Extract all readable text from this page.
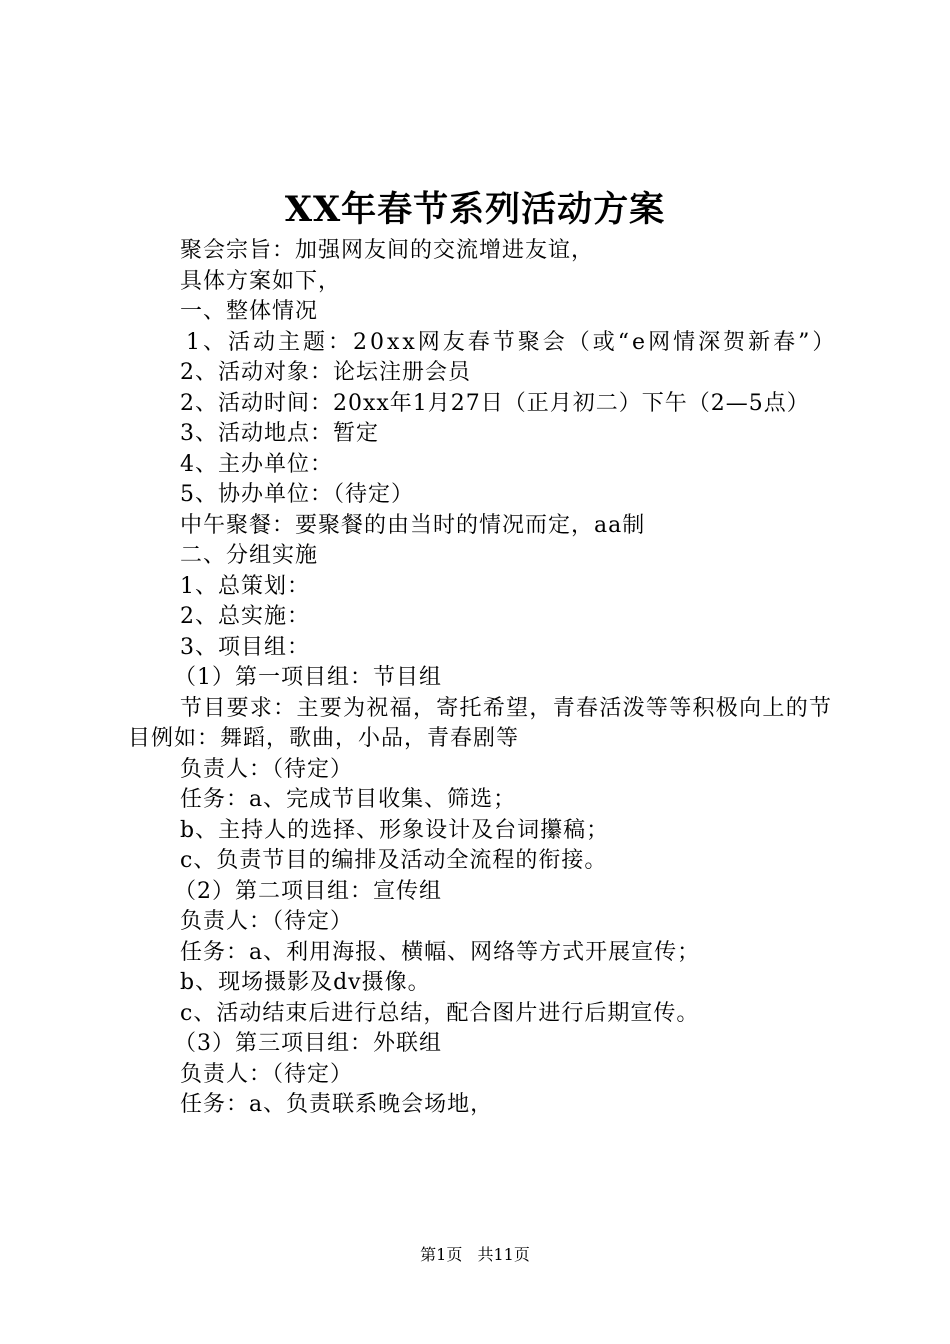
XX年春节系列活动方案

聚会宗旨：加强网友间的交流增进友谊，

具体方案如下，

一、整体情况

1、活动主题：20xx网友春节聚会（或“e网情深贺新春”）

2、活动对象：论坛注册会员

2、活动时间：20xx年1月27日（正月初二）下午（2—5点）

3、活动地点：暂定

4、主办单位：

5、协办单位：（待定）

中午聚餐：要聚餐的由当时的情况而定，aa制

二、分组实施

1、总策划：

2、总实施：

3、项目组：

（1）第一项目组：节目组

节目要求：主要为祝福，寄托希望，青春活泼等等积极向上的节目例如：舞蹈，歌曲，小品，青春剧等

负责人：（待定）

任务：a、完成节目收集、筛选；

b、主持人的选择、形象设计及台词攥稿；

c、负责节目的编排及活动全流程的衔接。

（2）第二项目组：宣传组

负责人：（待定）

任务：a、利用海报、横幅、网络等方式开展宣传；

b、现场摄影及dv摄像。

c、活动结束后进行总结，配合图片进行后期宣传。

（3）第三项目组：外联组

负责人：（待定）

任务：a、负责联系晚会场地，

第1页 共11页
